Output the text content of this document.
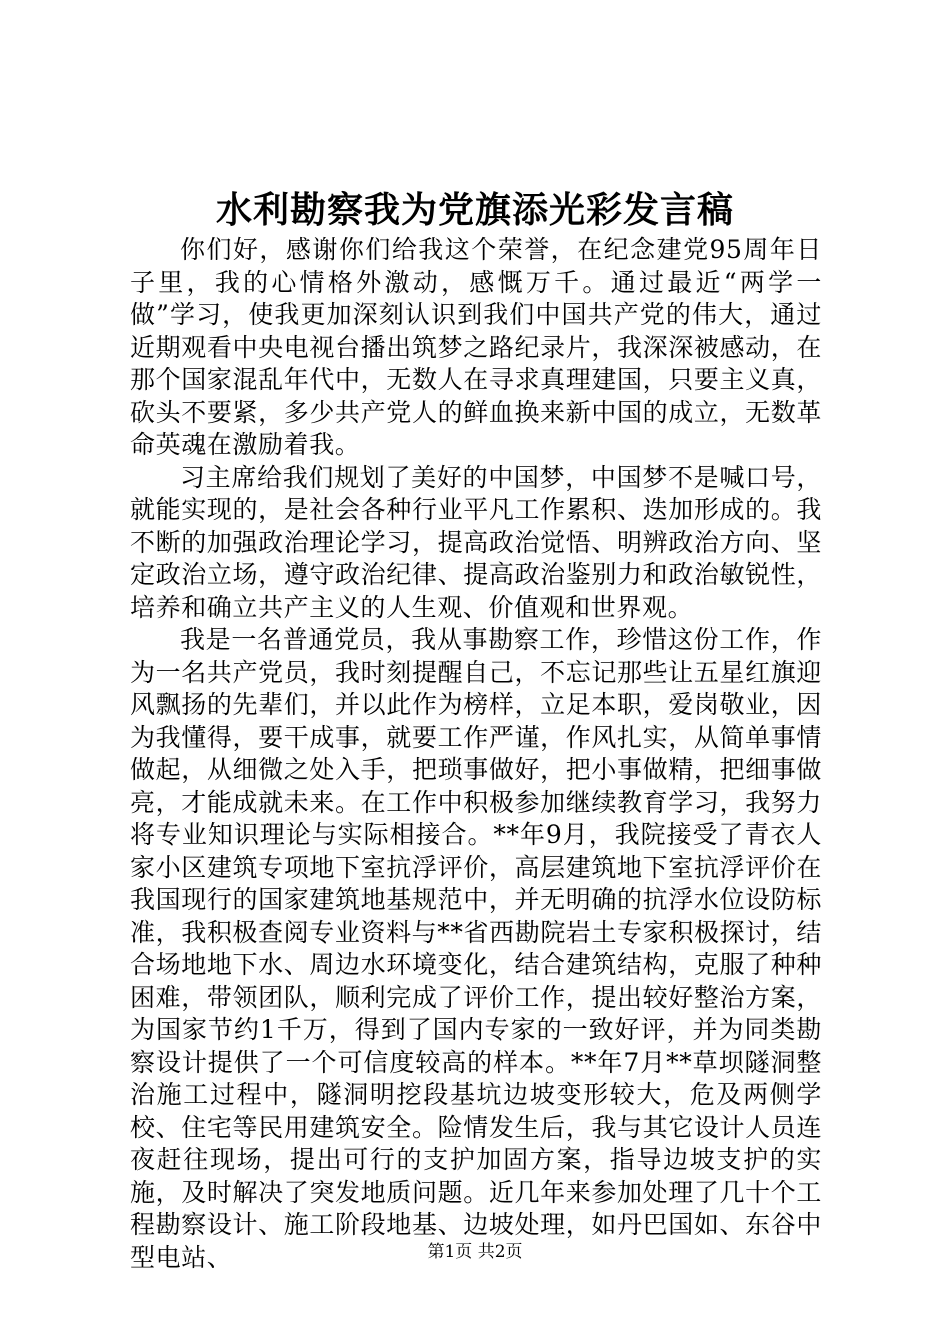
水利勘察我为党旗添光彩发言稿

你们好，感谢你们给我这个荣誉，在纪念建党95周年日子里，我的心情格外激动，感慨万千。通过最近“两学一做”学习，使我更加深刻认识到我们中国共产党的伟大，通过近期观看中央电视台播出筑梦之路纪录片，我深深被感动，在那个国家混乱年代中，无数人在寻求真理建国，只要主义真，砍头不要紧，多少共产党人的鲜血换来新中国的成立，无数革命英魂在激励着我。

习主席给我们规划了美好的中国梦，中国梦不是喊口号，就能实现的，是社会各种行业平凡工作累积、迭加形成的。我不断的加强政治理论学习，提高政治觉悟、明辨政治方向、坚定政治立场，遵守政治纪律、提高政治鉴别力和政治敏锐性，培养和确立共产主义的人生观、价值观和世界观。

我是一名普通党员，我从事勘察工作，珍惜这份工作，作为一名共产党员，我时刻提醒自己，不忘记那些让五星红旗迎风飘扬的先辈们，并以此作为榜样，立足本职，爱岗敬业，因为我懂得，要干成事，就要工作严谨，作风扎实，从简单事情做起，从细微之处入手，把琐事做好，把小事做精，把细事做亮，才能成就未来。在工作中积极参加继续教育学习，我努力将专业知识理论与实际相接合。**年9月，我院接受了青衣人家小区建筑专项地下室抗浮评价，高层建筑地下室抗浮评价在我国现行的国家建筑地基规范中，并无明确的抗浮水位设防标准，我积极查阅专业资料与**省西勘院岩土专家积极探讨，结合场地地下水、周边水环境变化，结合建筑结构，克服了种种困难，带领团队，顺利完成了评价工作，提出较好整治方案，为国家节约1千万，得到了国内专家的一致好评，并为同类勘察设计提供了一个可信度较高的样本。**年7月**草坝隧洞整治施工过程中，隧洞明挖段基坑边坡变形较大，危及两侧学校、住宅等民用建筑安全。险情发生后，我与其它设计人员连夜赶往现场，提出可行的支护加固方案，指导边坡支护的实施，及时解决了突发地质问题。近几年来参加处理了几十个工程勘察设计、施工阶段地基、边坡处理，如丹巴国如、东谷中型电站、	第1页 共2页
